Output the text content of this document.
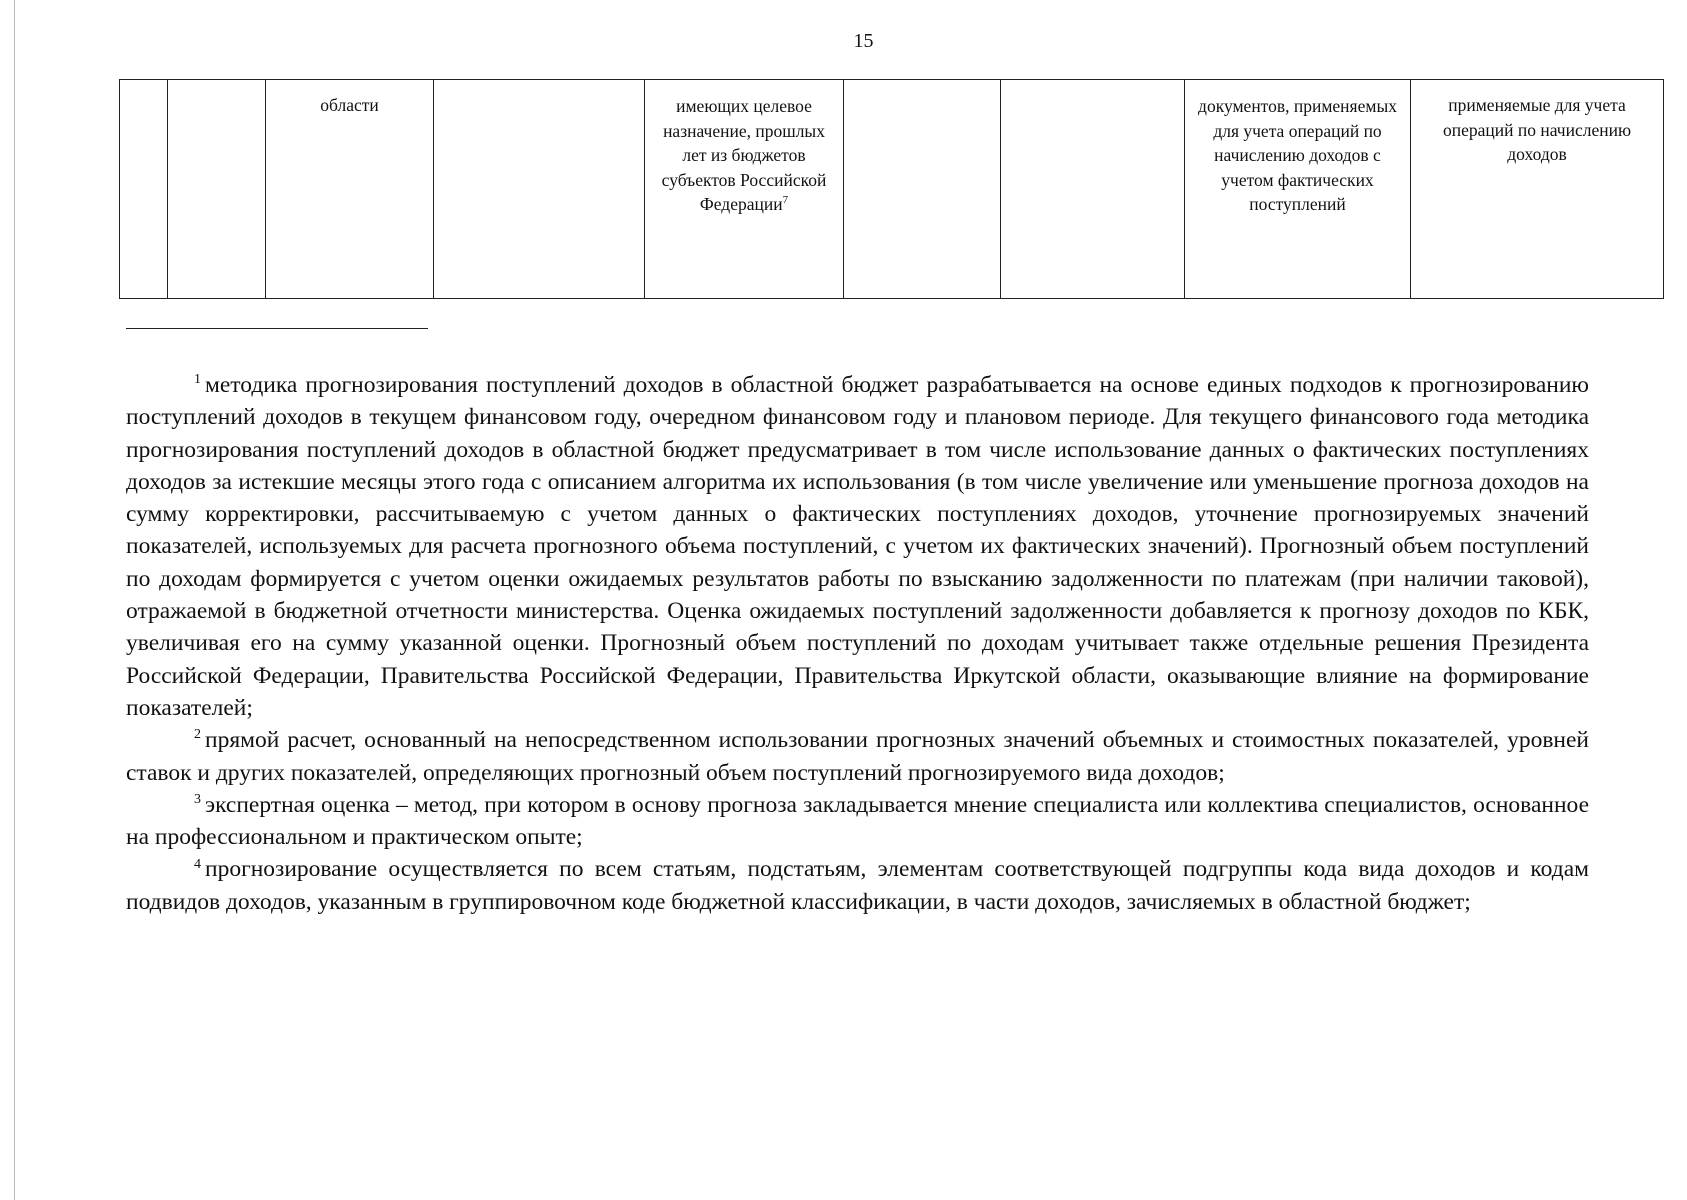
15
		области		имеющих целевое назначение, прошлых лет из бюджетов субъектов Российской Федерации$^7$			документов, применяемых для учета операций по начислению доходов с учетом фактических поступлений	применяемые для учета операций по начислению доходов

$^1$ методика прогнозирования поступлений доходов в областной бюджет разрабатывается на основе единых подходов к прогнозированию поступлений доходов в текущем финансовом году, очередном финансовом году и плановом периоде. Для текущего финансового года методика прогнозирования поступлений доходов в областной бюджет предусматривает в том числе использование данных о фактических поступлениях доходов за истекшие месяцы этого года с описанием алгоритма их использования (в том числе увеличение или уменьшение прогноза доходов на сумму корректировки, рассчитываемую с учетом данных о фактических поступлениях доходов, уточнение прогнозируемых значений показателей, используемых для расчета прогнозного объема поступлений, с учетом их фактических значений). Прогнозный объем поступлений по доходам формируется с учетом оценки ожидаемых результатов работы по взысканию задолженности по платежам (при наличии таковой), отражаемой в бюджетной отчетности министерства. Оценка ожидаемых поступлений задолженности добавляется к прогнозу доходов по КБК, увеличивая его на сумму указанной оценки. Прогнозный объем поступлений по доходам учитывает также отдельные решения Президента Российской Федерации, Правительства Российской Федерации, Правительства Иркутской области, оказывающие влияние на формирование показателей;

$^2$ прямой расчет, основанный на непосредственном использовании прогнозных значений объемных и стоимостных показателей, уровней ставок и других показателей, определяющих прогнозный объем поступлений прогнозируемого вида доходов;

$^3$ экспертная оценка – метод, при котором в основу прогноза закладывается мнение специалиста или коллектива специалистов, основанное на профессиональном и практическом опыте;

$^4$ прогнозирование осуществляется по всем статьям, подстатьям, элементам соответствующей подгруппы кода вида доходов и кодам подвидов доходов, указанным в группировочном коде бюджетной классификации, в части доходов, зачисляемых в областной бюджет;
